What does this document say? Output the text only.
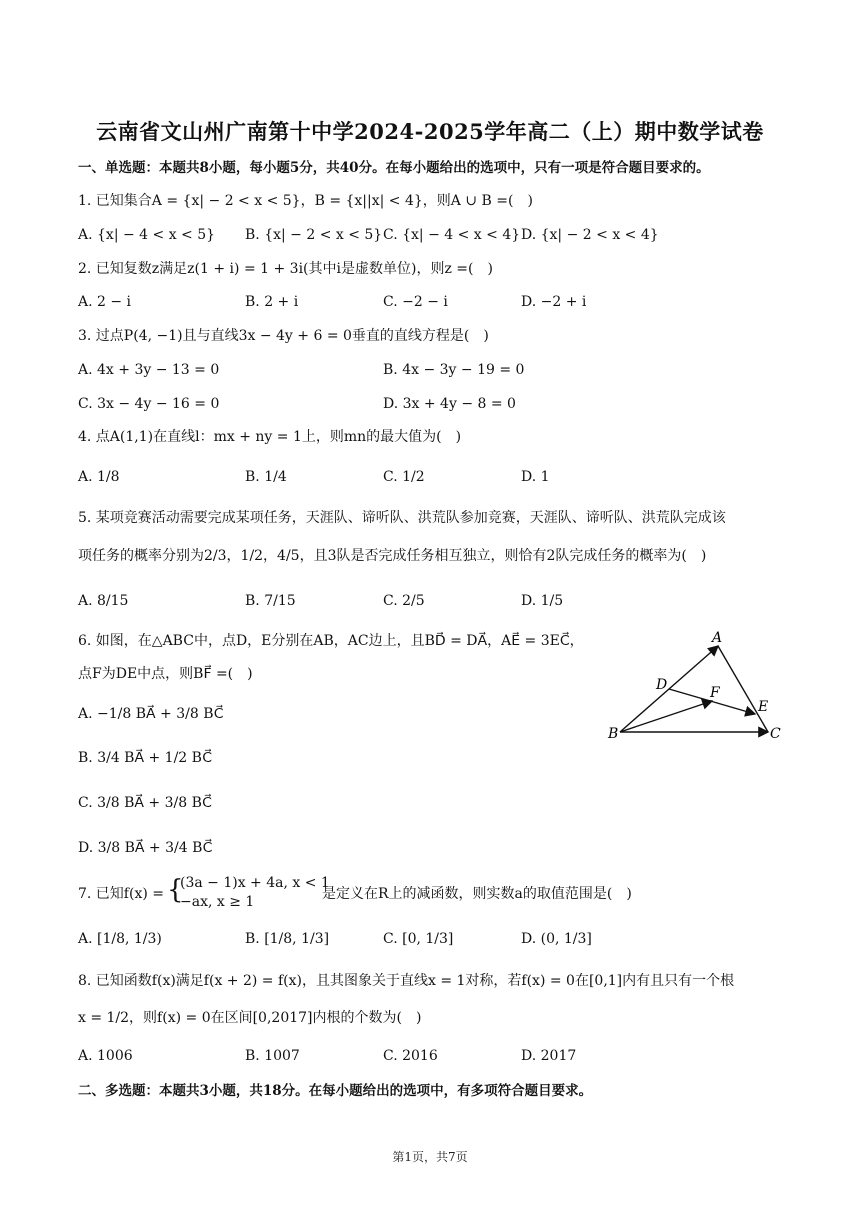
云南省文山州广南第十中学2024-2025学年高二（上）期中数学试卷
一、单选题：本题共8小题，每小题5分，共40分。在每小题给出的选项中，只有一项是符合题目要求的。
1. 已知集合A = {x| − 2 < x < 5}，B = {x||x| < 4}，则A ∪ B =(　)
A. {x| − 4 < x < 5} B. {x| − 2 < x < 5} C. {x| − 4 < x < 4} D. {x| − 2 < x < 4}
2. 已知复数z满足z(1 + i) = 1 + 3i(其中i是虚数单位)，则z =(　)
A. 2 − i	B. 2 + i	C. −2 − i	D. −2 + i
3. 过点P(4, −1)且与直线3x − 4y + 6 = 0垂直的直线方程是(　)
A. 4x + 3y − 13 = 0	B. 4x − 3y − 19 = 0
C. 3x − 4y − 16 = 0	D. 3x + 4y − 8 = 0
4. 点A(1,1)在直线l：mx + ny = 1上，则mn的最大值为(　)
A. 1/8	B. 1/4	C. 1/2	D. 1
5. 某项竞赛活动需要完成某项任务，天涯队、谛听队、洪荒队参加竞赛，天涯队、谛听队、洪荒队完成该
项任务的概率分别为2/3，1/2，4/5，且3队是否完成任务相互独立，则恰有2队完成任务的概率为(　)
A. 8/15	B. 7/15	C. 2/5	D. 1/5
6. 如图，在△ABC中，点D，E分别在AB，AC边上，且BD⃗ = DA⃗，AE⃗ = 3EC⃗，
点F为DE中点，则BF⃗ =(　)
A. −1/8 BA⃗ + 3/8 BC⃗
B. 3/4 BA⃗ + 1/2 BC⃗
C. 3/8 BA⃗ + 3/8 BC⃗
D. 3/8 BA⃗ + 3/4 BC⃗
A
D	F
E
B	C
7. 已知f(x) = {
(3a − 1)x + 4a, x < 1
−ax, x ≥ 1	是定义在R上的减函数，则实数a的取值范围是(　)
A. [1/8, 1/3)	B. [1/8, 1/3]	C. [0, 1/3]	D. (0, 1/3]
8. 已知函数f(x)满足f(x + 2) = f(x)，且其图象关于直线x = 1对称，若f(x) = 0在[0,1]内有且只有一个根
x = 1/2，则f(x) = 0在区间[0,2017]内根的个数为(　)
A. 1006	B. 1007	C. 2016	D. 2017
二、多选题：本题共3小题，共18分。在每小题给出的选项中，有多项符合题目要求。
第1页，共7页
